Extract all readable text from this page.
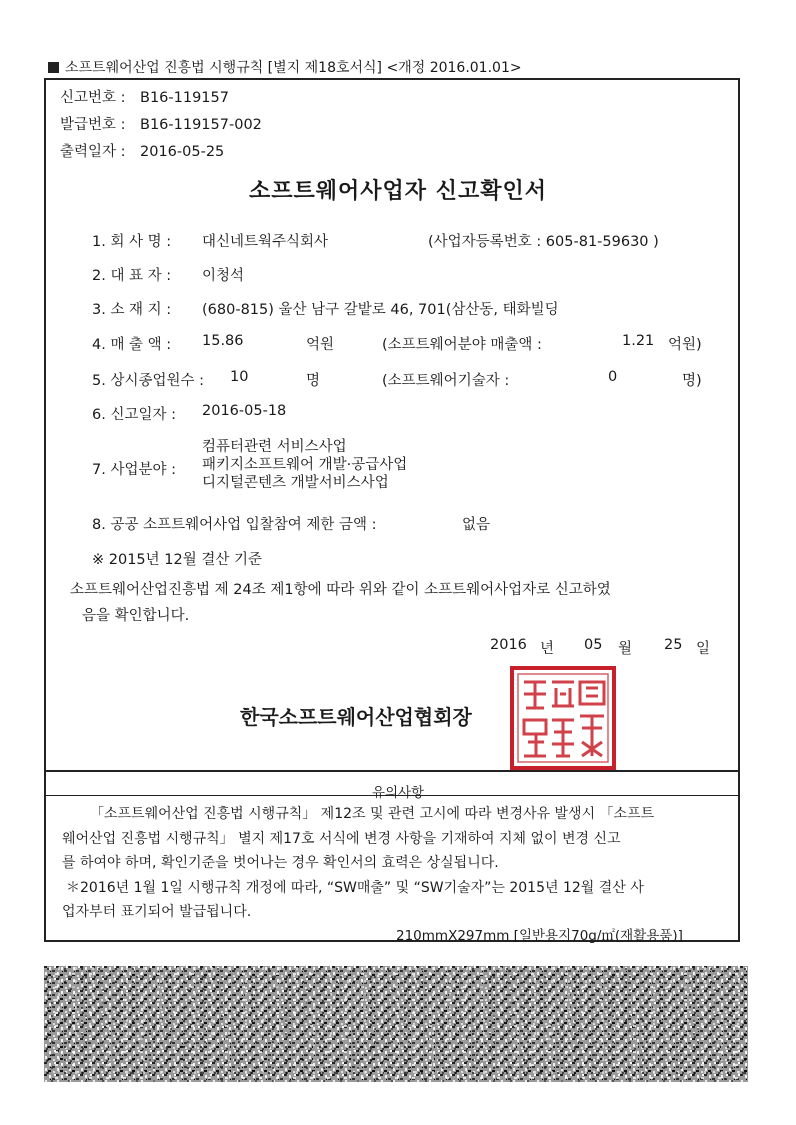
소프트웨어산업 진흥법 시행규칙 [별지 제18호서식] <개정 2016.01.01>
신고번호 : B16-119157
발급번호 : B16-119157-002
출력일자 : 2016-05-25
소프트웨어사업자 신고확인서
1. 회 사 명 : 대신네트웍주식회사	(사업자등록번호 : 605-81-59630 )
2. 대 표 자 : 이청석
3. 소 재 지 : (680-815) 울산 남구 갈밭로 46, 701(삼산동, 태화빌딩
4. 매 출 액 : 15.86	억원	(소프트웨어분야 매출액 :	1.21 억원)
5. 상시종업원수 : 10	명	(소프트웨어기술자 :	0	명)
6. 신고일자 : 2016-05-18
7. 사업분야 :
컴퓨터관련 서비스사업
패키지소프트웨어 개발·공급사업
디지털콘텐츠 개발서비스사업
8. 공공 소프트웨어사업 입찰참여 제한 금액 :	없음
※ 2015년 12월 결산 기준
소프트웨어산업진흥법 제 24조 제1항에 따라 위와 같이 소프트웨어사업자로 신고하였
음을 확인합니다.
2016 년 05 월 25 일
한국소프트웨어산업협회장
유의사항
「소프트웨어산업 진흥법 시행규칙」 제12조 및 관련 고시에 따라 변경사유 발생시 「소프트
웨어산업 진흥법 시행규칙」 별지 제17호 서식에 변경 사항을 기재하여 지체 없이 변경 신고
를 하여야 하며, 확인기준을 벗어나는 경우 확인서의 효력은 상실됩니다.
＊2016년 1월 1일 시행규칙 개정에 따라, “SW매출” 및 “SW기술자”는 2015년 12월 결산 사
업자부터 표기되어 발급됩니다.
210mmX297mm [일반용지70g/㎡(재활용품)]
